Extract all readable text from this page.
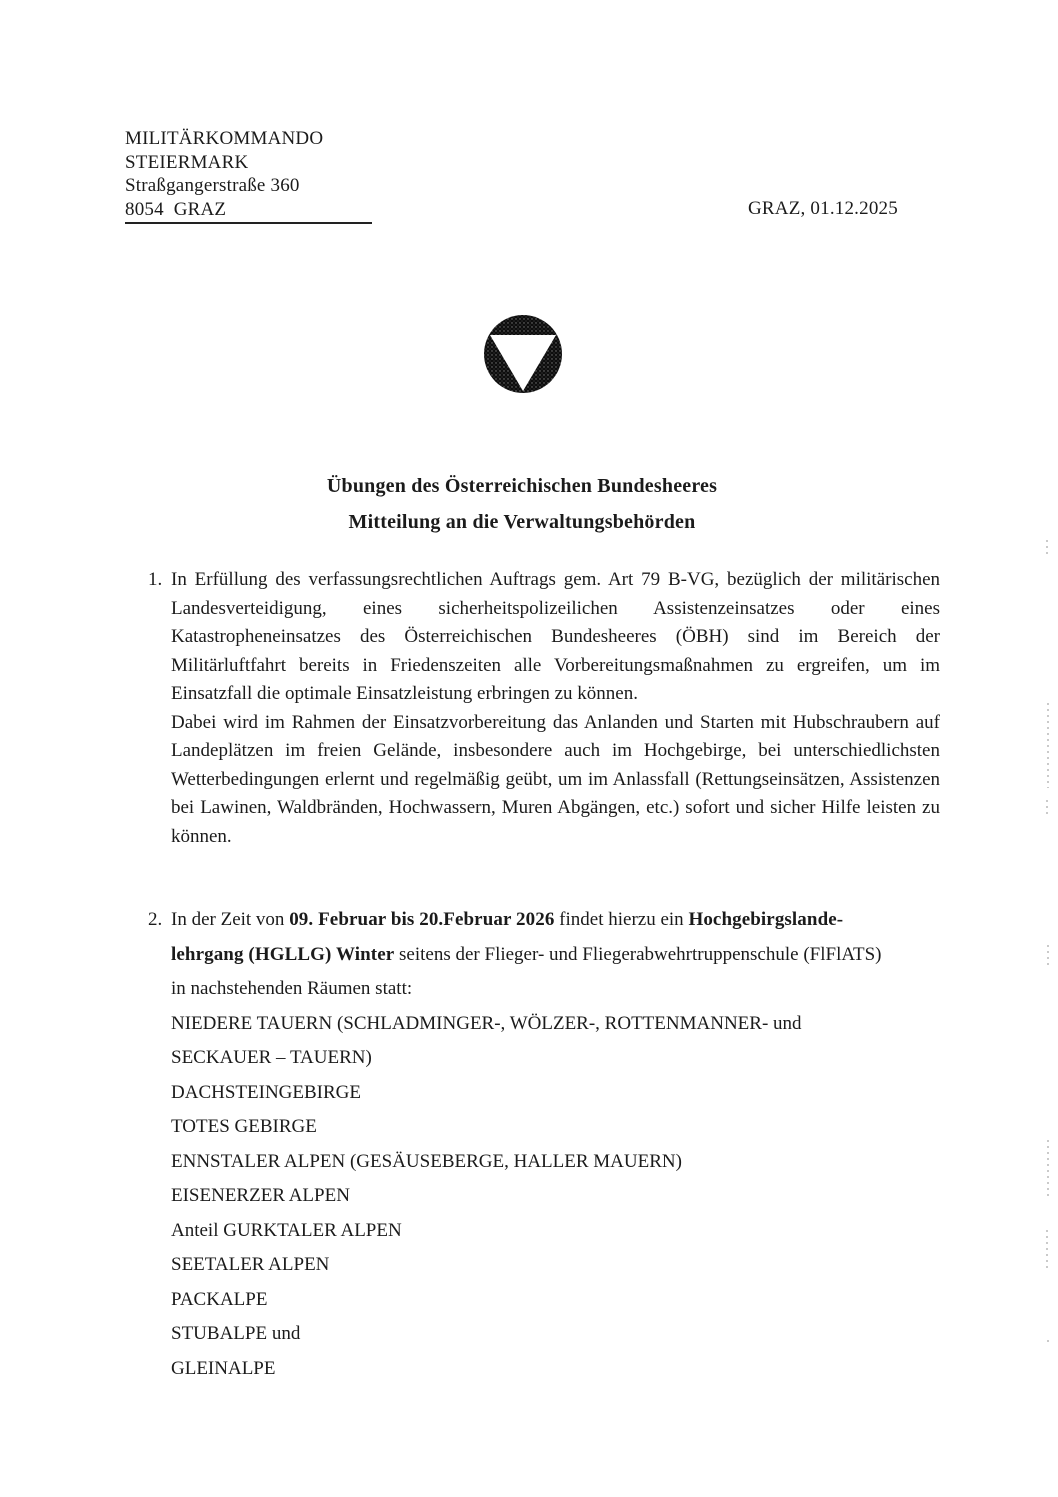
MILITÄRKOMMANDO
STEIERMARK
Straßgangerstraße 360
8054  GRAZ	GRAZ, 01.12.2025
Übungen des Österreichischen Bundesheeres
Mitteilung an die Verwaltungsbehörden
1. In Erfüllung des verfassungsrechtlichen Auftrags gem. Art 79 B-VG, bezüglich der militärischen Landesverteidigung, eines sicherheitspolizeilichen Assistenzeinsatzes oder eines Katastropheneinsatzes des Österreichischen Bundesheeres (ÖBH) sind im Bereich der Militärluftfahrt bereits in Friedenszeiten alle Vorbereitungsmaßnahmen zu ergreifen, um im Einsatzfall die optimale Einsatzleistung erbringen zu können.
Dabei wird im Rahmen der Einsatzvorbereitung das Anlanden und Starten mit Hubschraubern auf Landeplätzen im freien Gelände, insbesondere auch im Hochgebirge, bei unterschiedlichsten Wetterbedingungen erlernt und regelmäßig geübt, um im Anlassfall (Rettungseinsätzen, Assistenzen bei Lawinen, Waldbränden, Hochwassern, Muren Abgängen, etc.) sofort und sicher Hilfe leisten zu können.
2. In der Zeit von 09. Februar bis 20.Februar 2026 findet hierzu ein Hochgebirgslande-
lehrgang (HGLLG) Winter seitens der Flieger- und Fliegerabwehrtruppenschule (FlFlATS)
in nachstehenden Räumen statt:
NIEDERE TAUERN (SCHLADMINGER-, WÖLZER-, ROTTENMANNER- und
SECKAUER – TAUERN)
DACHSTEINGEBIRGE
TOTES GEBIRGE
ENNSTALER ALPEN (GESÄUSEBERGE, HALLER MAUERN)
EISENERZER ALPEN
Anteil GURKTALER ALPEN
SEETALER ALPEN
PACKALPE
STUBALPE und
GLEINALPE
